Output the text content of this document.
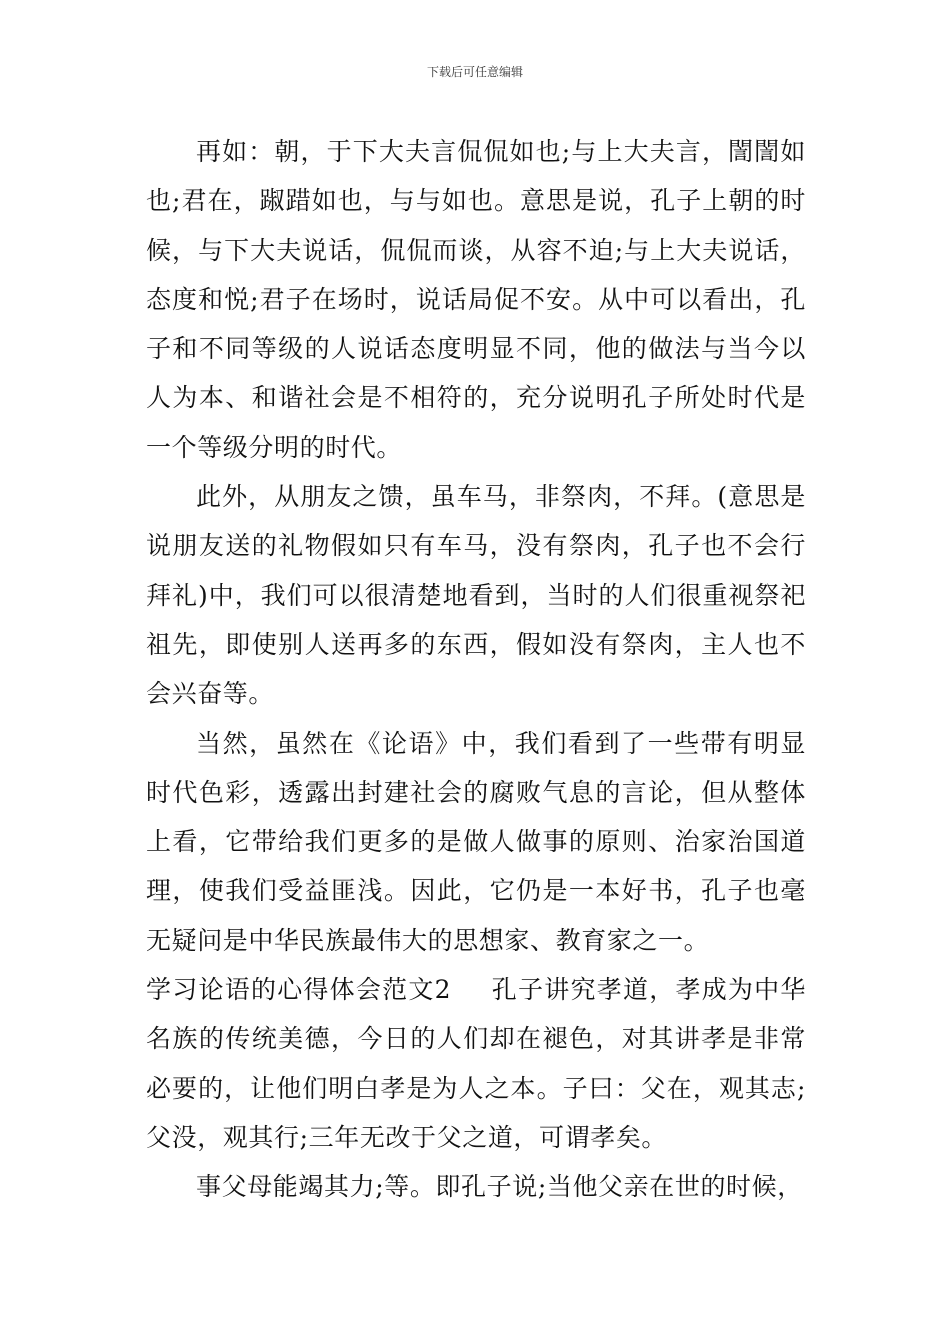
下载后可任意编辑

再如：朝，于下大夫言侃侃如也;与上大夫言，誾誾如也;君在，踧踖如也，与与如也。意思是说，孔子上朝的时候，与下大夫说话，侃侃而谈，从容不迫;与上大夫说话，态度和悦;君子在场时，说话局促不安。从中可以看出，孔子和不同等级的人说话态度明显不同，他的做法与当今以人为本、和谐社会是不相符的，充分说明孔子所处时代是一个等级分明的时代。

此外，从朋友之馈，虽车马，非祭肉，不拜。(意思是说朋友送的礼物假如只有车马，没有祭肉，孔子也不会行拜礼)中，我们可以很清楚地看到，当时的人们很重视祭祀祖先，即使别人送再多的东西，假如没有祭肉，主人也不会兴奋等。

当然，虽然在《论语》中，我们看到了一些带有明显时代色彩，透露出封建社会的腐败气息的言论，但从整体上看，它带给我们更多的是做人做事的原则、治家治国道理，使我们受益匪浅。因此，它仍是一本好书，孔子也毫无疑问是中华民族最伟大的思想家、教育家之一。

学习论语的心得体会范文2 孔子讲究孝道，孝成为中华名族的传统美德，今日的人们却在褪色，对其讲孝是非常必要的，让他们明白孝是为人之本。子曰：父在，观其志;父没，观其行;三年无改于父之道，可谓孝矣。

事父母能竭其力;等。即孔子说;当他父亲在世的时候，
